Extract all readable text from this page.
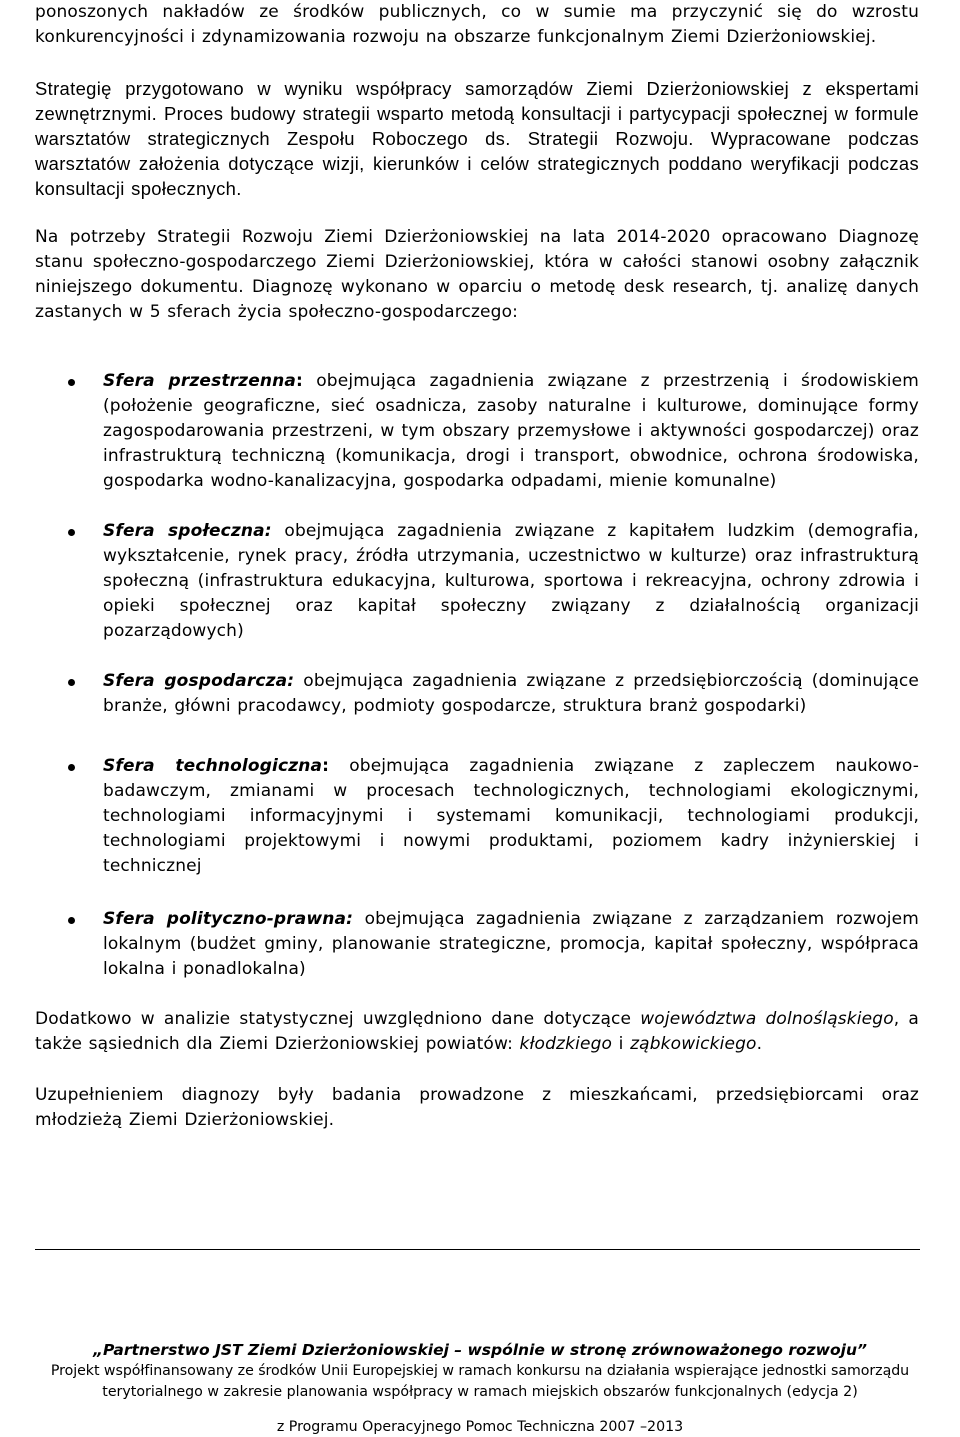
ponoszonych nakładów ze środków publicznych, co w sumie ma przyczynić się do wzrostu konkurencyjności i zdynamizowania rozwoju na obszarze funkcjonalnym Ziemi Dzierżoniowskiej.

Strategię przygotowano w wyniku współpracy samorządów Ziemi Dzierżoniowskiej z ekspertami zewnętrznymi. Proces budowy strategii wsparto metodą konsultacji i partycypacji społecznej w formule warsztatów strategicznych Zespołu Roboczego ds. Strategii Rozwoju. Wypracowane podczas warsztatów założenia dotyczące wizji, kierunków i celów strategicznych poddano weryfikacji podczas konsultacji społecznych.

Na potrzeby Strategii Rozwoju Ziemi Dzierżoniowskiej na lata 2014-2020 opracowano Diagnozę stanu społeczno-gospodarczego Ziemi Dzierżoniowskiej, która w całości stanowi osobny załącznik niniejszego dokumentu. Diagnozę wykonano w oparciu o metodę desk research, tj. analizę danych zastanych w 5 sferach życia społeczno-gospodarczego:

Sfera przestrzenna: obejmująca zagadnienia związane z przestrzenią i środowiskiem (położenie geograficzne, sieć osadnicza, zasoby naturalne i kulturowe, dominujące formy zagospodarowania przestrzeni, w tym obszary przemysłowe i aktywności gospodarczej) oraz infrastrukturą techniczną (komunikacja, drogi i transport, obwodnice, ochrona środowiska, gospodarka wodno-kanalizacyjna, gospodarka odpadami, mienie komunalne)
Sfera społeczna: obejmująca zagadnienia związane z kapitałem ludzkim (demografia, wykształcenie, rynek pracy, źródła utrzymania, uczestnictwo w kulturze) oraz infrastrukturą społeczną (infrastruktura edukacyjna, kulturowa, sportowa i rekreacyjna, ochrony zdrowia i opieki społecznej oraz kapitał społeczny związany z działalnością organizacji pozarządowych)
Sfera gospodarcza: obejmująca zagadnienia związane z przedsiębiorczością (dominujące branże, główni pracodawcy, podmioty gospodarcze, struktura branż gospodarki)
Sfera technologiczna: obejmująca zagadnienia związane z zapleczem naukowo-badawczym, zmianami w procesach technologicznych, technologiami ekologicznymi, technologiami informacyjnymi i systemami komunikacji, technologiami produkcji, technologiami projektowymi i nowymi produktami, poziomem kadry inżynierskiej i technicznej
Sfera polityczno-prawna: obejmująca zagadnienia związane z zarządzaniem rozwojem lokalnym (budżet gminy, planowanie strategiczne, promocja, kapitał społeczny, współpraca lokalna i ponadlokalna)

Dodatkowo w analizie statystycznej uwzględniono dane dotyczące województwa dolnośląskiego, a także sąsiednich dla Ziemi Dzierżoniowskiej powiatów: kłodzkiego i ząbkowickiego.

Uzupełnieniem diagnozy były badania prowadzone z mieszkańcami, przedsiębiorcami oraz młodzieżą Ziemi Dzierżoniowskiej.

„Partnerstwo JST Ziemi Dzierżoniowskiej – wspólnie w stronę zrównoważonego rozwoju”
Projekt współfinansowany ze środków Unii Europejskiej w ramach konkursu na działania wspierające jednostki samorządu
terytorialnego w zakresie planowania współpracy w ramach miejskich obszarów funkcjonalnych (edycja 2)
z Programu Operacyjnego Pomoc Techniczna 2007 –2013
